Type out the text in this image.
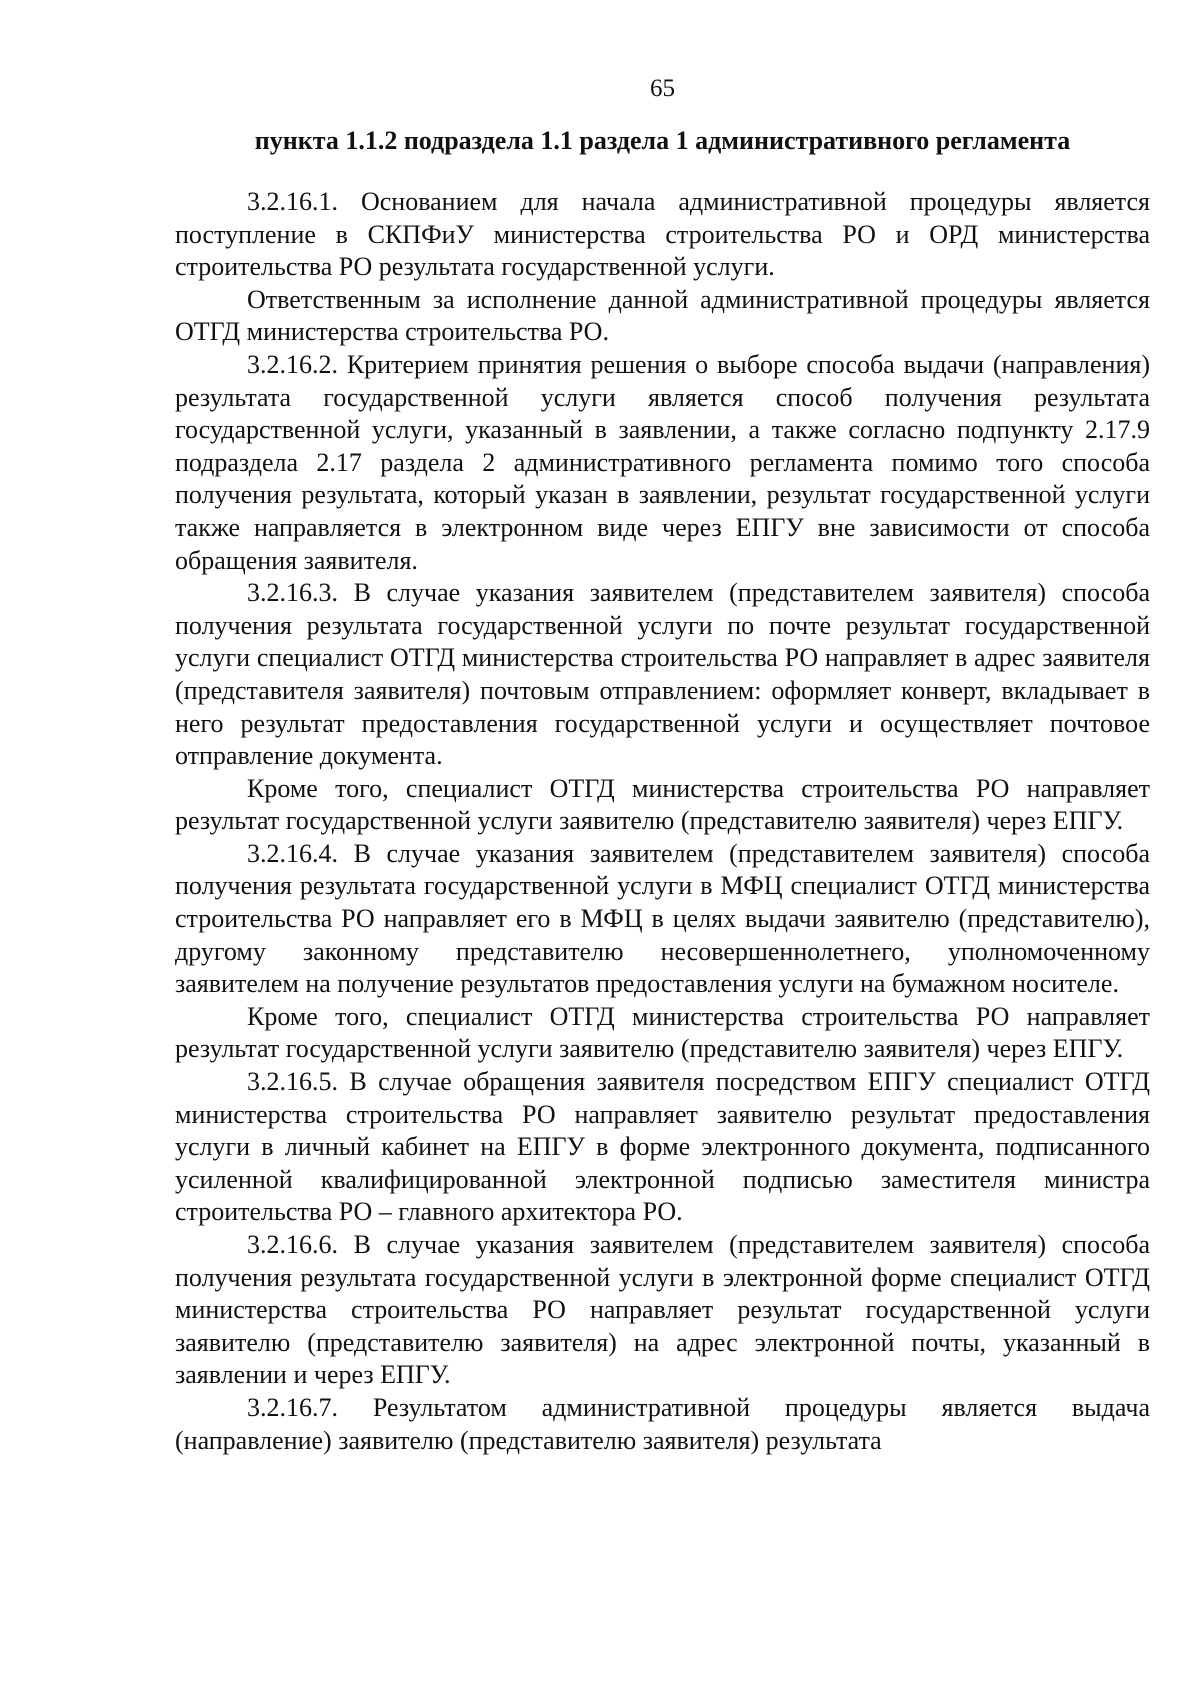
65
пункта 1.1.2 подраздела 1.1 раздела 1 административного регламента

3.2.16.1. Основанием для начала административной процедуры является поступление в СКПФиУ министерства строительства РО и ОРД министерства строительства РО результата государственной услуги.

Ответственным за исполнение данной административной процедуры является ОТГД министерства строительства РО.

3.2.16.2. Критерием принятия решения о выборе способа выдачи (направления) результата государственной услуги является способ получения результата государственной услуги, указанный в заявлении, а также согласно подпункту 2.17.9 подраздела 2.17 раздела 2 административного регламента помимо того способа получения результата, который указан в заявлении, результат государственной услуги также направляется в электронном виде через ЕПГУ вне зависимости от способа обращения заявителя.

3.2.16.3. В случае указания заявителем (представителем заявителя) способа получения результата государственной услуги по почте результат государственной услуги специалист ОТГД министерства строительства РО направляет в адрес заявителя (представителя заявителя) почтовым отправлением: оформляет конверт, вкладывает в него результат предоставления государственной услуги и осуществляет почтовое отправление документа.

Кроме того, специалист ОТГД министерства строительства РО направляет результат государственной услуги заявителю (представителю заявителя) через ЕПГУ.

3.2.16.4. В случае указания заявителем (представителем заявителя) способа получения результата государственной услуги в МФЦ специалист ОТГД министерства строительства РО направляет его в МФЦ в целях выдачи заявителю (представителю), другому законному представителю несовершеннолетнего, уполномоченному заявителем на получение результатов предоставления услуги на бумажном носителе.

Кроме того, специалист ОТГД министерства строительства РО направляет результат государственной услуги заявителю (представителю заявителя) через ЕПГУ.

3.2.16.5. В случае обращения заявителя посредством ЕПГУ специалист ОТГД министерства строительства РО направляет заявителю результат предоставления услуги в личный кабинет на ЕПГУ в форме электронного документа, подписанного усиленной квалифицированной электронной подписью заместителя министра строительства РО – главного архитектора РО.

3.2.16.6. В случае указания заявителем (представителем заявителя) способа получения результата государственной услуги в электронной форме специалист ОТГД министерства строительства РО направляет результат государственной услуги заявителю (представителю заявителя) на адрес электронной почты, указанный в заявлении и через ЕПГУ.

3.2.16.7. Результатом административной процедуры является выдача (направление) заявителю (представителю заявителя) результата
